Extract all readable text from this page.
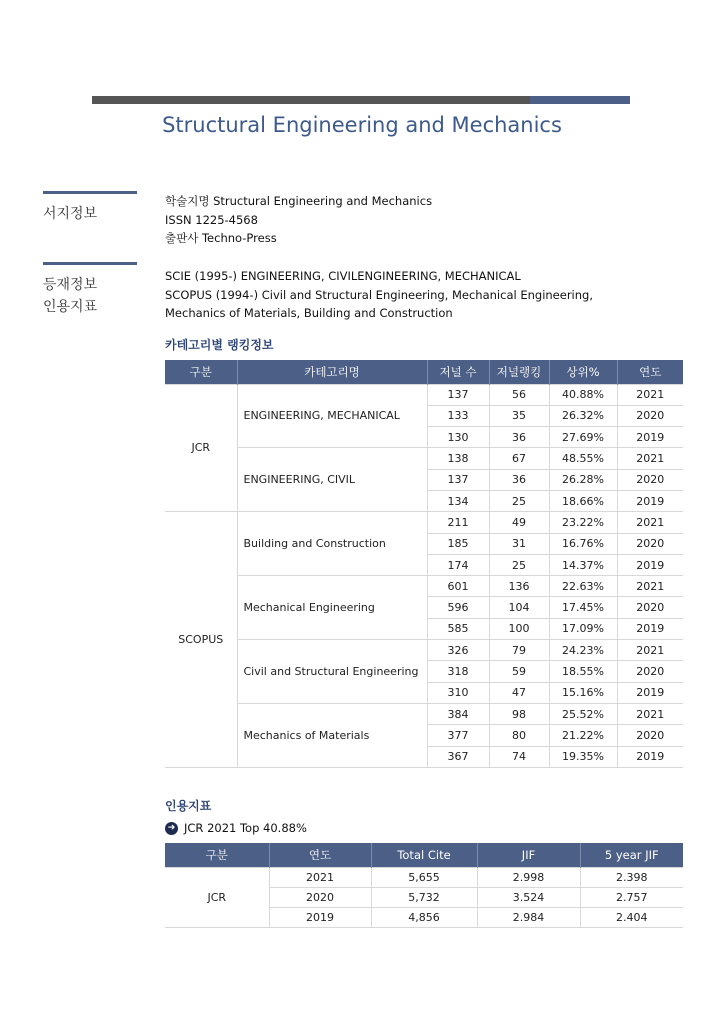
Structural Engineering and Mechanics
서지정보
학술지명 Structural Engineering and Mechanics
ISSN 1225-4568
출판사 Techno-Press
등재정보
인용지표
SCIE (1995-) ENGINEERING, CIVILENGINEERING, MECHANICAL
SCOPUS (1994-) Civil and Structural Engineering, Mechanical Engineering,
Mechanics of Materials, Building and Construction
카테고리별 랭킹정보
구분	카테고리명	저널 수	저널랭킹	상위%	연도
JCR	ENGINEERING, MECHANICAL	137	56	40.88%	2021
		133	35	26.32%	2020
		130	36	27.69%	2019
	ENGINEERING, CIVIL	138	67	48.55%	2021
		137	36	26.28%	2020
		134	25	18.66%	2019
SCOPUS	Building and Construction	211	49	23.22%	2021
		185	31	16.76%	2020
		174	25	14.37%	2019
	Mechanical Engineering	601	136	22.63%	2021
		596	104	17.45%	2020
		585	100	17.09%	2019
	Civil and Structural Engineering	326	79	24.23%	2021
		318	59	18.55%	2020
		310	47	15.16%	2019
	Mechanics of Materials	384	98	25.52%	2021
		377	80	21.22%	2020
		367	74	19.35%	2019
인용지표
➜ JCR 2021 Top 40.88%
구분	연도	Total Cite	JIF	5 year JIF
JCR	2021	5,655	2.998	2.398
	2020	5,732	3.524	2.757
	2019	4,856	2.984	2.404
